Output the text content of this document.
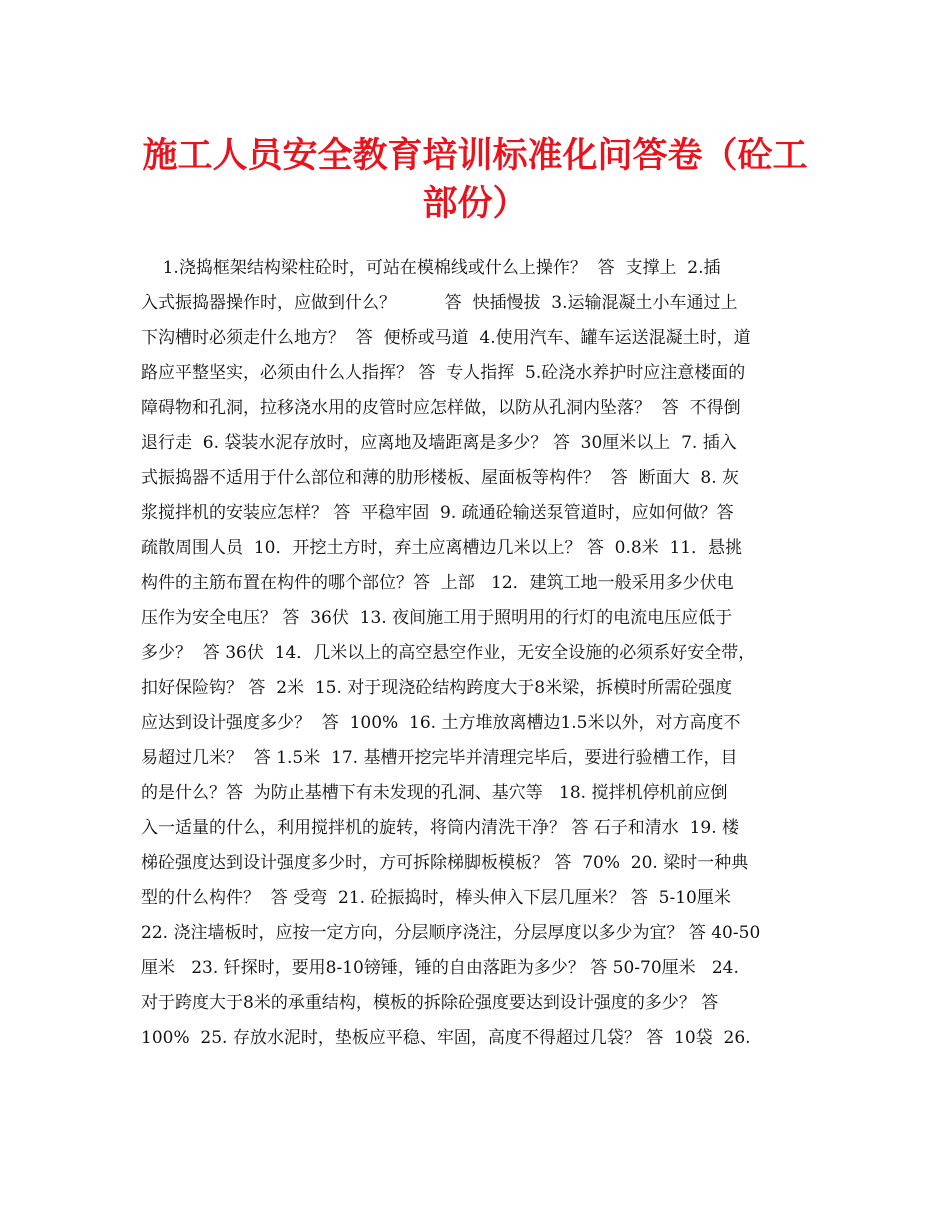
施工人员安全教育培训标准化问答卷（砼工
部份）
1.浇捣框架结构梁柱砼时，可站在模棉线或什么上操作？  答  支撑上  2.插
入式振捣器操作时，应做到什么？         答  快插慢拔  3.运输混凝土小车通过上
下沟槽时必须走什么地方？  答  便桥或马道  4.使用汽车、罐车运送混凝土时，道
路应平整坚实，必须由什么人指挥？ 答  专人指挥  5.砼浇水养护时应注意楼面的
障碍物和孔洞，拉移浇水用的皮管时应怎样做，以防从孔洞内坠落？  答  不得倒
退行走  6. 袋装水泥存放时，应离地及墙距离是多少？ 答  30厘米以上  7. 插入
式振捣器不适用于什么部位和薄的肋形楼板、屋面板等构件？  答  断面大  8. 灰
浆搅拌机的安装应怎样？ 答  平稳牢固  9. 疏通砼输送泵管道时，应如何做？答
疏散周围人员  10．开挖土方时，弃土应离槽边几米以上？ 答  0.8米  11．悬挑
构件的主筋布置在构件的哪个部位？答  上部   12．建筑工地一般采用多少伏电
压作为安全电压？ 答  36伏  13. 夜间施工用于照明用的行灯的电流电压应低于
多少？  答 36伏  14．几米以上的高空悬空作业，无安全设施的必须系好安全带，
扣好保险钩？ 答  2米  15. 对于现浇砼结构跨度大于8米梁，拆模时所需砼强度
应达到设计强度多少？  答  100%  16. 土方堆放离槽边1.5米以外，对方高度不
易超过几米？  答 1.5米  17. 基槽开挖完毕并清理完毕后，要进行验槽工作，目
的是什么？答  为防止基槽下有未发现的孔洞、基穴等   18. 搅拌机停机前应倒
入一适量的什么，利用搅拌机的旋转，将筒内清洗干净？ 答 石子和清水  19. 楼
梯砼强度达到设计强度多少时，方可拆除梯脚板模板？ 答  70%  20. 梁时一种典
型的什么构件？  答 受弯  21. 砼振捣时，棒头伸入下层几厘米？ 答  5-10厘米
22. 浇注墙板时，应按一定方向，分层顺序浇注，分层厚度以多少为宜？ 答 40-50
厘米   23. 钎探时，要用8-10镑锤，锤的自由落距为多少？ 答 50-70厘米   24.
对于跨度大于8米的承重结构，模板的拆除砼强度要达到设计强度的多少？ 答
100%  25. 存放水泥时，垫板应平稳、牢固，高度不得超过几袋？ 答  10袋  26.
